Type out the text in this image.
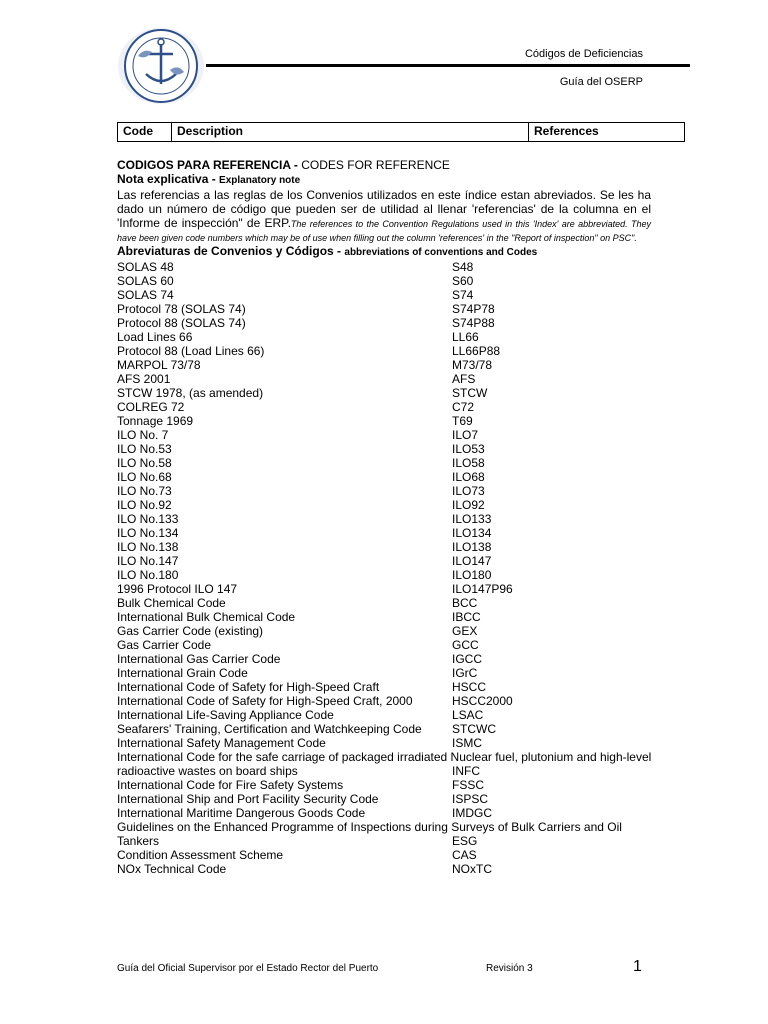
Códigos de Deficiencias
Guía del OSERP
Code	Description	References
CODIGOS PARA REFERENCIA - CODES FOR REFERENCE
Nota explicativa - Explanatory note
Las referencias a las reglas de los Convenios utilizados en este índice estan abreviados. Se les ha dado un número de código que pueden ser de utilidad al llenar 'referencias' de la columna en el 'Informe de inspección" de ERP.The references to the Convention Regulations used in this 'Index' are abbreviated. They have been given code numbers which may be of use when filling out the column 'references' in the "Report of inspection" on PSC".
Abreviaturas de Convenios y Códigos - abbreviations of conventions and Codes
SOLAS 48	S48
SOLAS 60	S60
SOLAS 74	S74
Protocol 78 (SOLAS 74)	S74P78
Protocol 88 (SOLAS 74)	S74P88
Load Lines 66	LL66
Protocol 88 (Load Lines 66)	LL66P88
MARPOL 73/78	M73/78
AFS 2001	AFS
STCW 1978, (as amended)	STCW
COLREG 72	C72
Tonnage 1969	T69
ILO No. 7	ILO7
ILO No.53	ILO53
ILO No.58	ILO58
ILO No.68	ILO68
ILO No.73	ILO73
ILO No.92	ILO92
ILO No.133	ILO133
ILO No.134	ILO134
ILO No.138	ILO138
ILO No.147	ILO147
ILO No.180	ILO180
1996 Protocol ILO 147	ILO147P96
Bulk Chemical Code	BCC
International Bulk Chemical Code	IBCC
Gas Carrier Code (existing)	GEX
Gas Carrier Code	GCC
International Gas Carrier Code	IGCC
International Grain Code	IGrC
International Code of Safety for High-Speed Craft	HSCC
International Code of Safety for High-Speed Craft, 2000	HSCC2000
International Life-Saving Appliance Code	LSAC
Seafarers' Training, Certification and Watchkeeping Code	STCWC
International Safety Management Code	ISMC
International Code for the safe carriage of packaged irradiated Nuclear fuel, plutonium and high-level
radioactive wastes on board ships	INFC
International Code for Fire Safety Systems	FSSC
International Ship and Port Facility Security Code	ISPSC
International Maritime Dangerous Goods Code	IMDGC
Guidelines on the Enhanced Programme of Inspections during Surveys of Bulk Carriers and Oil
Tankers	ESG
Condition Assessment Scheme	CAS
NOx Technical Code	NOxTC
Guía del Oficial Supervisor por el Estado Rector del Puerto	Revisión 3	1
